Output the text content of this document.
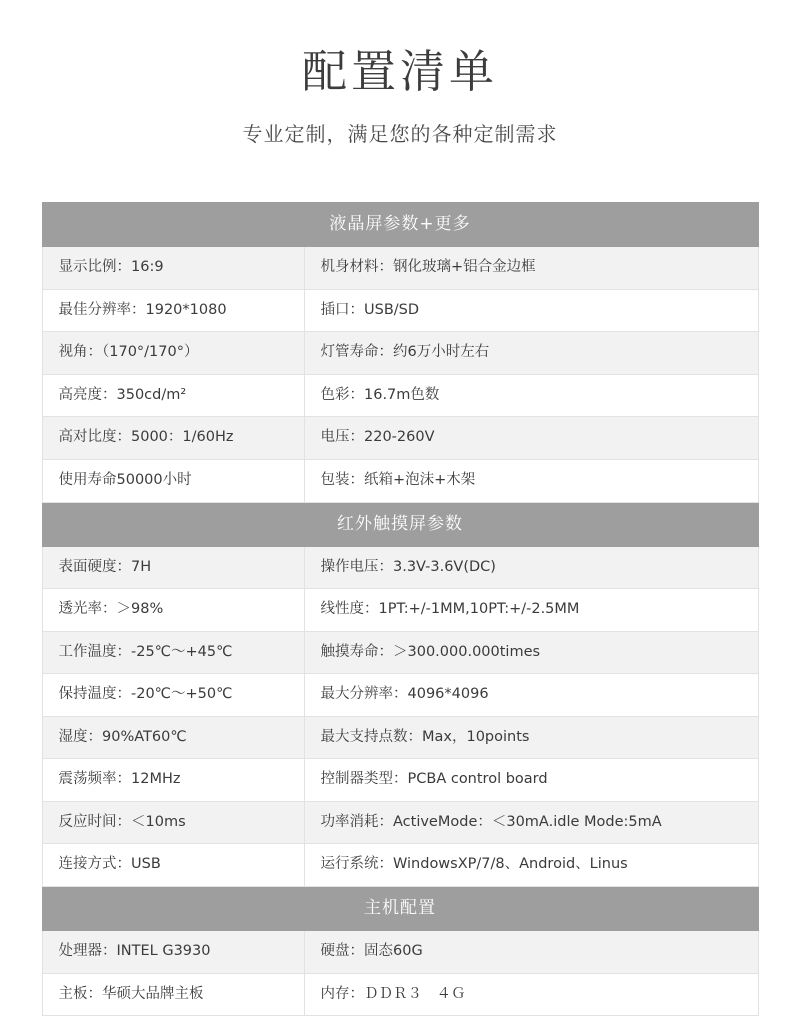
配置清单

专业定制，满足您的各种定制需求

液晶屏参数+更多	
显示比例：16:9	机身材料：钢化玻璃+铝合金边框
最佳分辨率：1920*1080	插口：USB/SD
视角：（170°/170°）	灯管寿命：约6万小时左右
高亮度：350cd/m²	色彩：16.7m色数
高对比度：5000：1/60Hz	电压：220-260V
使用寿命50000小时	包装：纸箱+泡沫+木架
红外触摸屏参数	
表面硬度：7H	操作电压：3.3V-3.6V(DC)
透光率：＞98%	线性度：1PT:+/-1MM,10PT:+/-2.5MM
工作温度：-25℃～+45℃	触摸寿命：＞300.000.000times
保持温度：-20℃～+50℃	最大分辨率：4096*4096
湿度：90%AT60℃	最大支持点数：Max，10points
震荡频率：12MHz	控制器类型：PCBA control board
反应时间：＜10ms	功率消耗：ActiveMode：＜30mA.idle Mode:5mA
连接方式：USB	运行系统：WindowsXP/7/8、Android、Linus
主机配置	
处理器：INTEL G3930	硬盘：固态60G
主板：华硕大品牌主板	内存：ＤＤＲ３　４Ｇ
